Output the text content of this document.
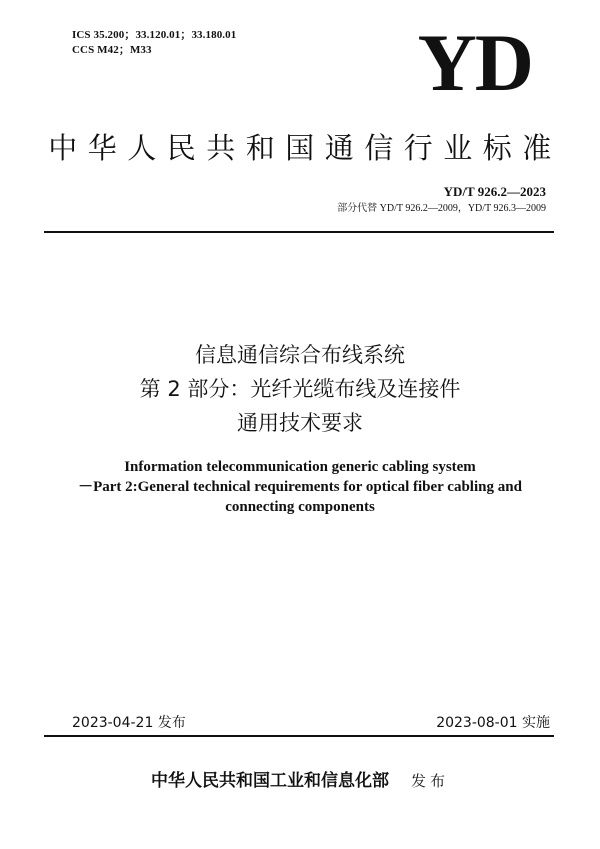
ICS 35.200；33.120.01；33.180.01
CCS M42；M33	YD
中华人民共和国通信行业标准
YD/T 926.2—2023
部分代替 YD/T 926.2—2009，YD/T 926.3—2009
信息通信综合布线系统
第 2 部分：光纤光缆布线及连接件
通用技术要求
Information telecommunication generic cabling system
－Part 2:General technical requirements for optical fiber cabling and
connecting components
2023-04-21 发布	2023-08-01 实施
中华人民共和国工业和信息化部 发布
